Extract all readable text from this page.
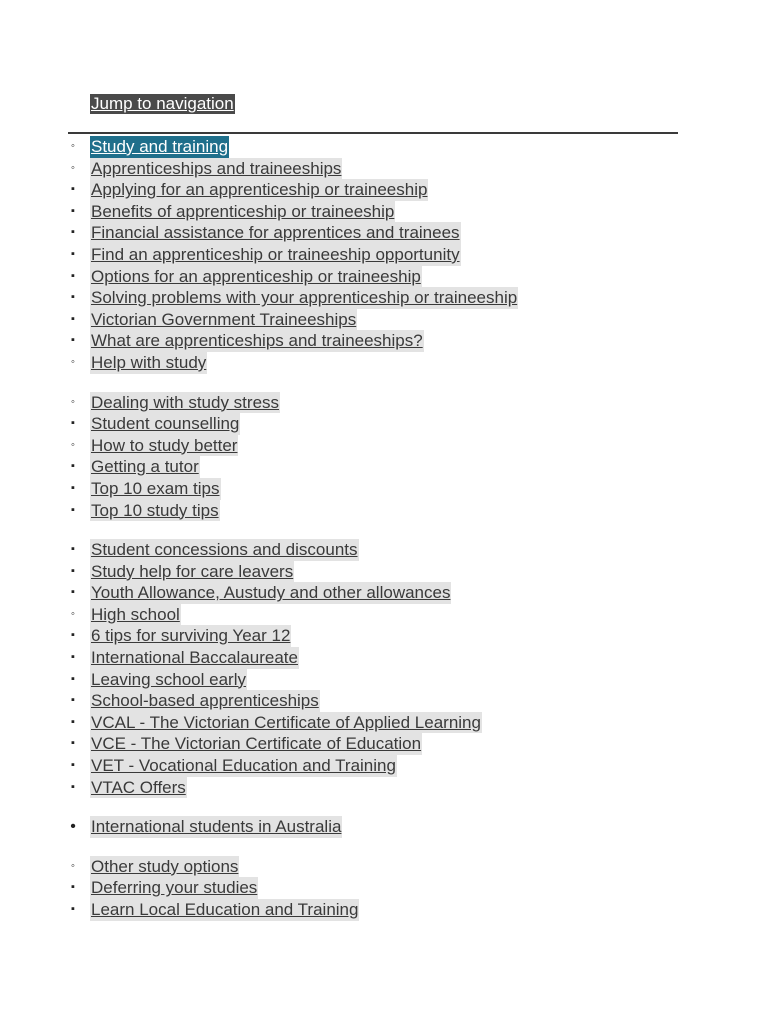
Jump to navigation
◦ Study and training
◦ Apprenticeships and traineeships
▪ Applying for an apprenticeship or traineeship
▪ Benefits of apprenticeship or traineeship
▪ Financial assistance for apprentices and trainees
▪ Find an apprenticeship or traineeship opportunity
▪ Options for an apprenticeship or traineeship
▪ Solving problems with your apprenticeship or traineeship
▪ Victorian Government Traineeships
▪ What are apprenticeships and traineeships?
◦ Help with study
◦ Dealing with study stress
▪ Student counselling
◦ How to study better
▪ Getting a tutor
▪ Top 10 exam tips
▪ Top 10 study tips
▪ Student concessions and discounts
▪ Study help for care leavers
▪ Youth Allowance, Austudy and other allowances
◦ High school
▪ 6 tips for surviving Year 12
▪ International Baccalaureate
▪ Leaving school early
▪ School-based apprenticeships
▪ VCAL - The Victorian Certificate of Applied Learning
▪ VCE - The Victorian Certificate of Education
▪ VET - Vocational Education and Training
▪ VTAC Offers
• International students in Australia
◦ Other study options
▪ Deferring your studies
▪ Learn Local Education and Training
